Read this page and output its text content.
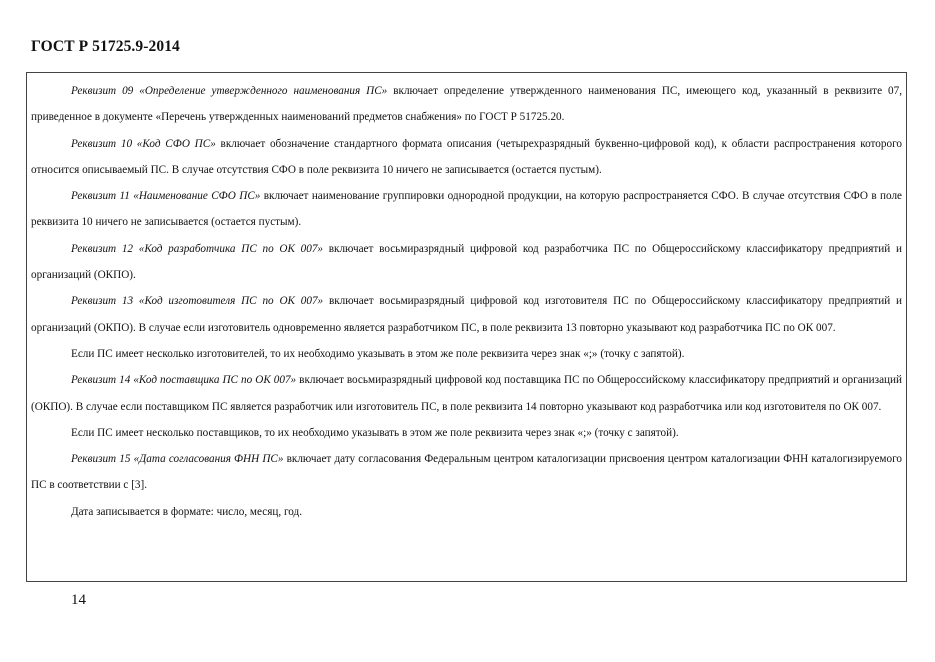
ГОСТ Р 51725.9-2014

Реквизит 09 «Определение утвержденного наименования ПС» включает определение утвержденного наименования ПС, имеющего код, указанный в реквизите 07, приведенное в документе «Перечень утвержденных наименований предметов снабжения» по ГОСТ Р 51725.20.

Реквизит 10 «Код СФО ПС» включает обозначение стандартного формата описания (четырехразрядный буквенно-цифровой код), к области распространения которого относится описываемый ПС. В случае отсутствия СФО в поле реквизита 10 ничего не записывается (остается пустым).

Реквизит 11 «Наименование СФО ПС» включает наименование группировки однородной продукции, на которую распространяется СФО. В случае отсутствия СФО в поле реквизита 10 ничего не записывается (остается пустым).

Реквизит 12 «Код разработчика ПС по ОК 007» включает восьмиразрядный цифровой код разработчика ПС по Общероссийскому классификатору предприятий и организаций (ОКПО).

Реквизит 13 «Код изготовителя ПС по ОК 007» включает восьмиразрядный цифровой код изготовителя ПС по Общероссийскому классификатору предприятий и организаций (ОКПО). В случае если изготовитель одновременно является разработчиком ПС, в поле реквизита 13 повторно указывают код разработчика ПС по ОК 007.

Если ПС имеет несколько изготовителей, то их необходимо указывать в этом же поле реквизита через знак «;» (точку с запятой).

Реквизит 14 «Код поставщика ПС по ОК 007» включает восьмиразрядный цифровой код поставщика ПС по Общероссийскому классификатору предприятий и организаций (ОКПО). В случае если поставщиком ПС является разработчик или изготовитель ПС, в поле реквизита 14 повторно указывают код разработчика или код изготовителя по ОК 007.

Если ПС имеет несколько поставщиков, то их необходимо указывать в этом же поле реквизита через знак «;» (точку с запятой).

Реквизит 15 «Дата согласования ФНН ПС» включает дату согласования Федеральным центром каталогизации присвоения центром каталогизации ФНН каталогизируемого ПС в соответствии с [3].

Дата записывается в формате: число, месяц, год.

14
